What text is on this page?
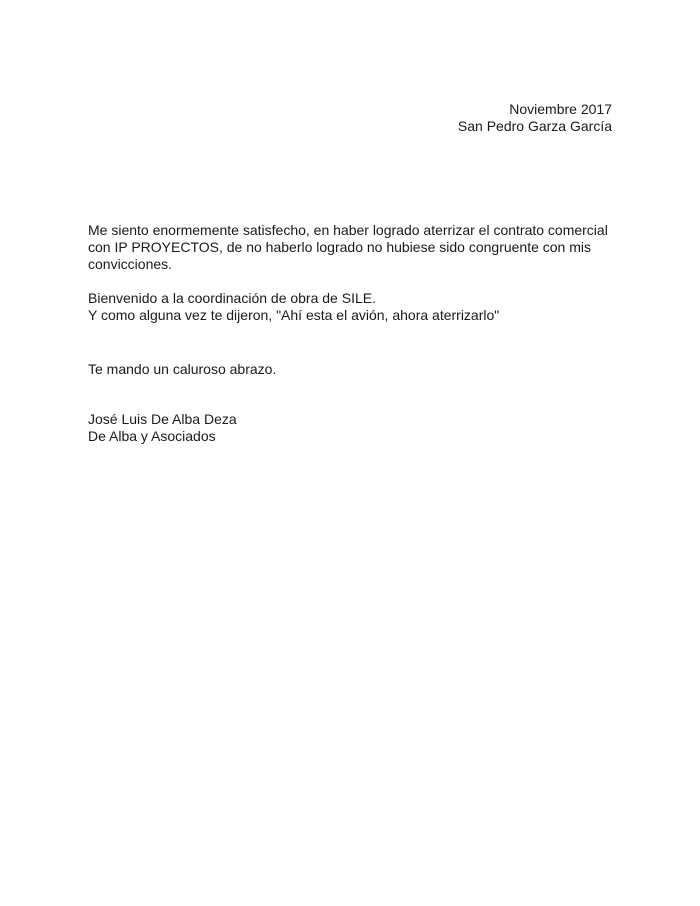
Noviembre 2017
San Pedro Garza García
Me siento enormemente satisfecho, en haber logrado aterrizar el contrato comercial
con IP PROYECTOS, de no haberlo logrado no hubiese sido congruente con mis
convicciones.
Bienvenido a la coordinación de obra de SILE.
Y como alguna vez te dijeron, "Ahí esta el avión, ahora aterrizarlo"
Te mando un caluroso abrazo.
José Luis De Alba Deza
De Alba y Asociados
